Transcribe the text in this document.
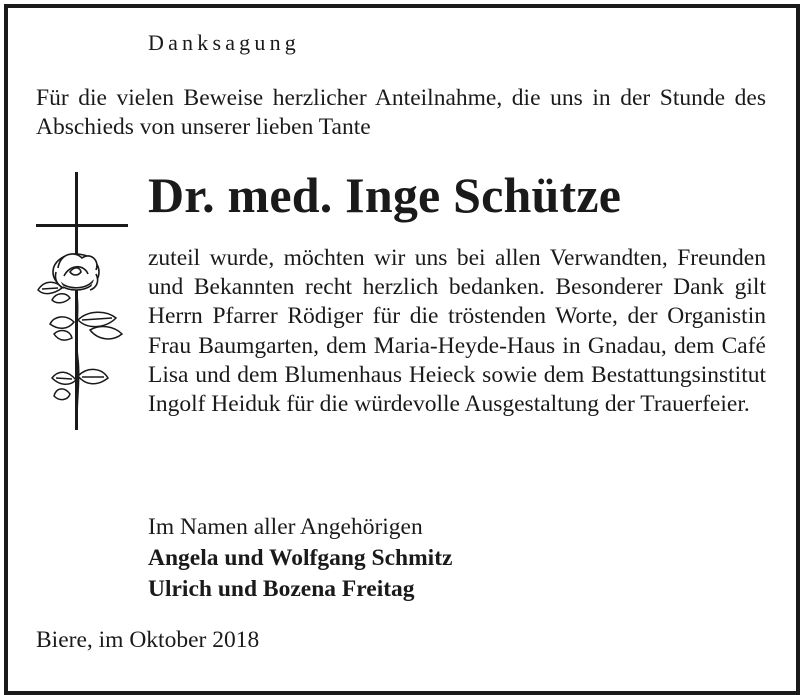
Danksagung
Für die vielen Beweise herzlicher Anteilnahme, die uns in der Stunde des Abschieds von unserer lieben Tante
Dr. med. Inge Schütze
zuteil wurde, möchten wir uns bei allen Verwandten, Freunden und Bekannten recht herzlich bedanken. Besonderer Dank gilt Herrn Pfarrer Rödiger für die tröstenden Worte, der Organistin Frau Baumgarten, dem Maria-Heyde-Haus in Gnadau, dem Café Lisa und dem Blumenhaus Heieck sowie dem Bestattungsinstitut Ingolf Heiduk für die würdevolle Ausgestaltung der Trauerfeier.
Im Namen aller Angehörigen
Angela und Wolfgang Schmitz
Ulrich und Bozena Freitag
Biere, im Oktober 2018
